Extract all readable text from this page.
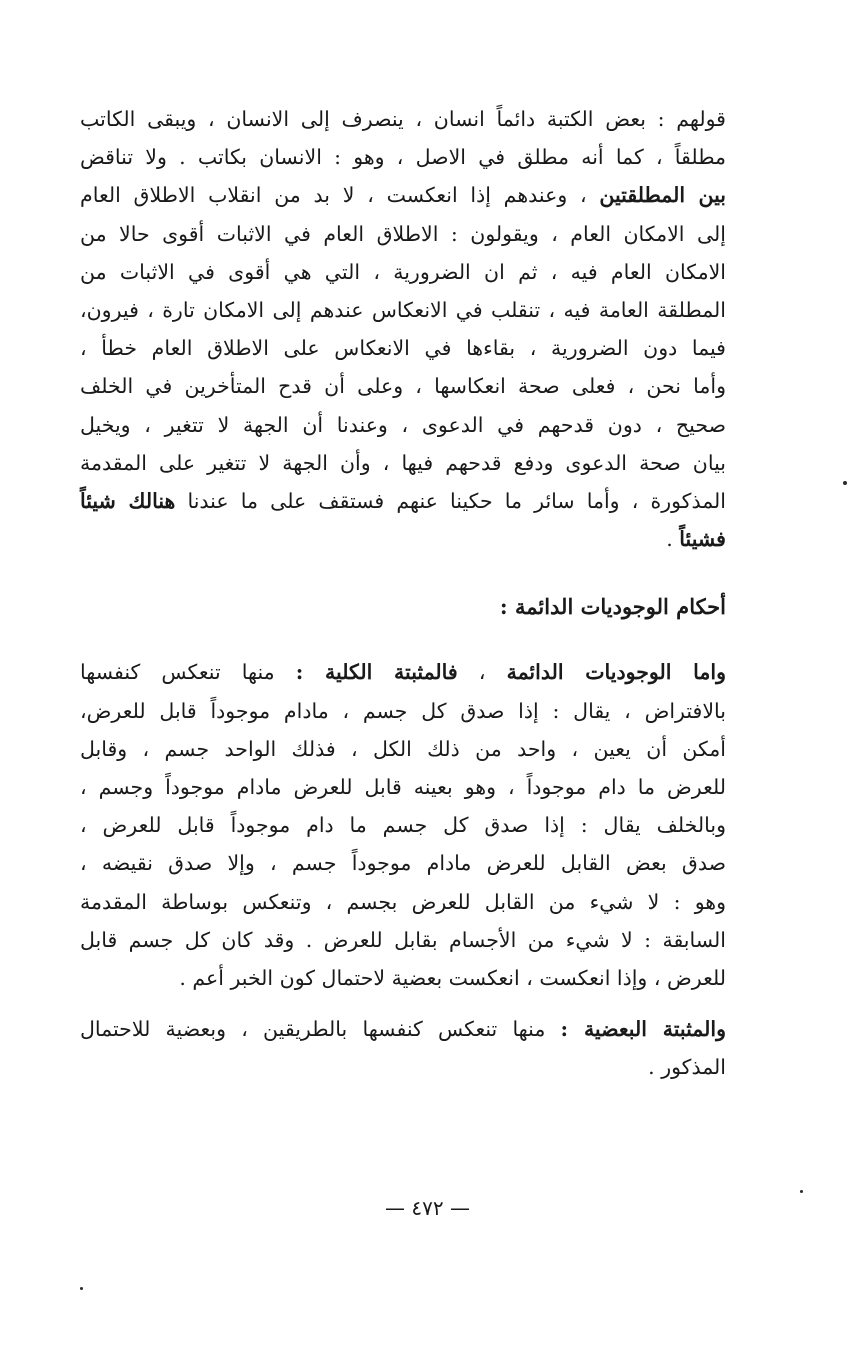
قولهم : بعض الكتبة دائماً انسان ، ينصرف إلى الانسان ، ويبقى الكاتب
مطلقاً ، كما أنه مطلق في الاصل ، وهو : الانسان بكاتب . ولا تناقض
بين المطلقتين ، وعندهم إذا انعكست ، لا بد من انقلاب الاطلاق العام
إلى الامكان العام ، ويقولون : الاطلاق العام في الاثبات أقوى حالا من
الامكان العام فيه ، ثم ان الضرورية ، التي هي أقوى في الاثبات من
المطلقة العامة فيه ، تنقلب في الانعكاس عندهم إلى الامكان تارة ، فيرون،
فيما دون الضرورية ، بقاءها في الانعكاس على الاطلاق العام خطأ ،
وأما نحن ، فعلى صحة انعكاسها ، وعلى أن قدح المتأخرين في الخلف
صحيح ، دون قدحهم في الدعوى ، وعندنا أن الجهة لا تتغير ، ويخيل
بيان صحة الدعوى ودفع قدحهم فيها ، وأن الجهة لا تتغير على المقدمة
المذكورة ، وأما سائر ما حكينا عنهم فستقف على ما عندنا هنالك شيئاً
فشيئاً .

أحكام الوجوديات الدائمة :

واما الوجوديات الدائمة ، فالمثبتة الكلية : منها تنعكس كنفسها
بالافتراض ، يقال : إذا صدق كل جسم ، مادام موجوداً قابل للعرض،
أمكن أن يعين ، واحد من ذلك الكل ، فذلك الواحد جسم ، وقابل
للعرض ما دام موجوداً ، وهو بعينه قابل للعرض مادام موجوداً وجسم ،
وبالخلف يقال : إذا صدق كل جسم ما دام موجوداً قابل للعرض ،
صدق بعض القابل للعرض مادام موجوداً جسم ، وإلا صدق نقيضه ،
وهو : لا شيء من القابل للعرض بجسم ، وتنعكس بوساطة المقدمة
السابقة : لا شيء من الأجسام بقابل للعرض . وقد كان كل جسم قابل
للعرض ، وإذا انعكست ، انعكست بعضية لاحتمال كون الخبر أعم .

والمثبتة البعضية : منها تنعكس كنفسها بالطريقين ، وبعضية للاحتمال
المذكور .

— ٤٧٢ —
